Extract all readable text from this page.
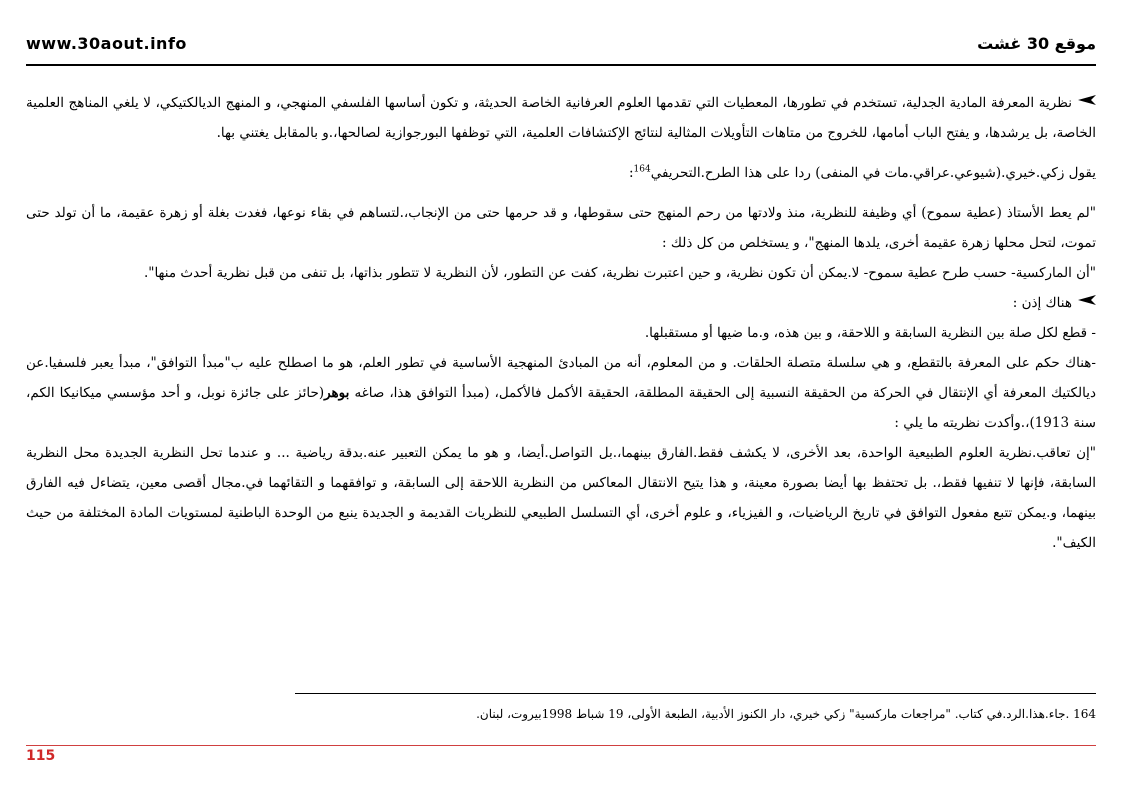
www.30aout.info	موقع 30 غشت

نظرية المعرفة المادية الجدلية، تستخدم في تطورها، المعطيات التي تقدمها العلوم العرفانية الخاصة الحديثة، و تكون أساسها الفلسفي المنهجي، و المنهج الديالكتيكي، لا يلغي المناهج العلمية الخاصة، بل يرشدها، و يفتح الباب أمامها، للخروج من متاهات التأويلات المثالية لنتائج الإكتشافات العلمية، التي توظفها البورجوازية لصالحها،.و بالمقابل يغتني بها.

يقول زكي.خيري.(شيوعي.عراقي.مات في المنفى) ردا على هذا الطرح.التحريفي$^{164}$:

"لم يعط الأستاذ (عطية سموح) أي وظيفة للنظرية، منذ ولادتها من رحم المنهج حتى سقوطها، و قد حرمها حتى من الإنجاب،.لتساهم في بقاء نوعها، فغدت بغلة أو زهرة عقيمة، ما أن تولد حتى تموت، لتحل محلها زهرة عقيمة أخرى، يلدها المنهج"، و يستخلص من كل ذلك :

"أن الماركسية- حسب طرح عطية سموح- لا.يمكن أن تكون نظرية، و حين اعتبرت نظرية، كفت عن التطور، لأن النظرية لا تتطور بذاتها، بل تنفى من قبل نظرية أحدث منها".

هناك إذن :

- قطع لكل صلة بين النظرية السابقة و اللاحقة، و بين هذه، و.ما ضيها أو مستقبلها.

-هناك حكم على المعرفة بالتقطع، و هي سلسلة متصلة الحلقات. و من المعلوم، أنه من المبادئ المنهجية الأساسية في تطور العلم، هو ما اصطلح عليه ب"مبدأ التوافق"، مبدأ يعبر فلسفيا.عن ديالكتيك المعرفة أي الإنتقال في الحركة من الحقيقة النسبية إلى الحقيقة المطلقة، الحقيقة الأكمل فالأكمل، (مبدأ التوافق هذا، صاغه بوهر(حائز على جائزة نوبل، و أحد مؤسسي ميكانيكا الكم، سنة 1913)،.وأكدت نظريته ما يلي :

"إن تعاقب.نظرية العلوم الطبيعية الواحدة، بعد الأخرى، لا يكشف فقط.الفارق بينهما،.بل التواصل.أيضا، و هو ما يمكن التعبير عنه.بدقة رياضية ... و عندما تحل النظرية الجديدة محل النظرية السابقة، فإنها لا تنفيها فقط،. بل تحتفظ بها أيضا بصورة معينة، و هذا يتيح الانتقال المعاكس من النظرية اللاحقة إلى السابقة، و توافقهما و التقائهما في.مجال أقصى معين، يتضاءل فيه الفارق بينهما، و.يمكن تتبع مفعول التوافق في تاريخ الرياضيات، و الفيزياء، و علوم أخرى، أي التسلسل الطبيعي للنظريات القديمة و الجديدة ينبع من الوحدة الباطنية لمستويات المادة المختلفة من حيث الكيف".

164 .جاء.هذا.الرد.في كتاب. "مراجعات ماركسية" زكي خيري، دار الكنوز الأدبية، الطبعة الأولى، 19 شباط 1998بيروت، لبنان.
115
